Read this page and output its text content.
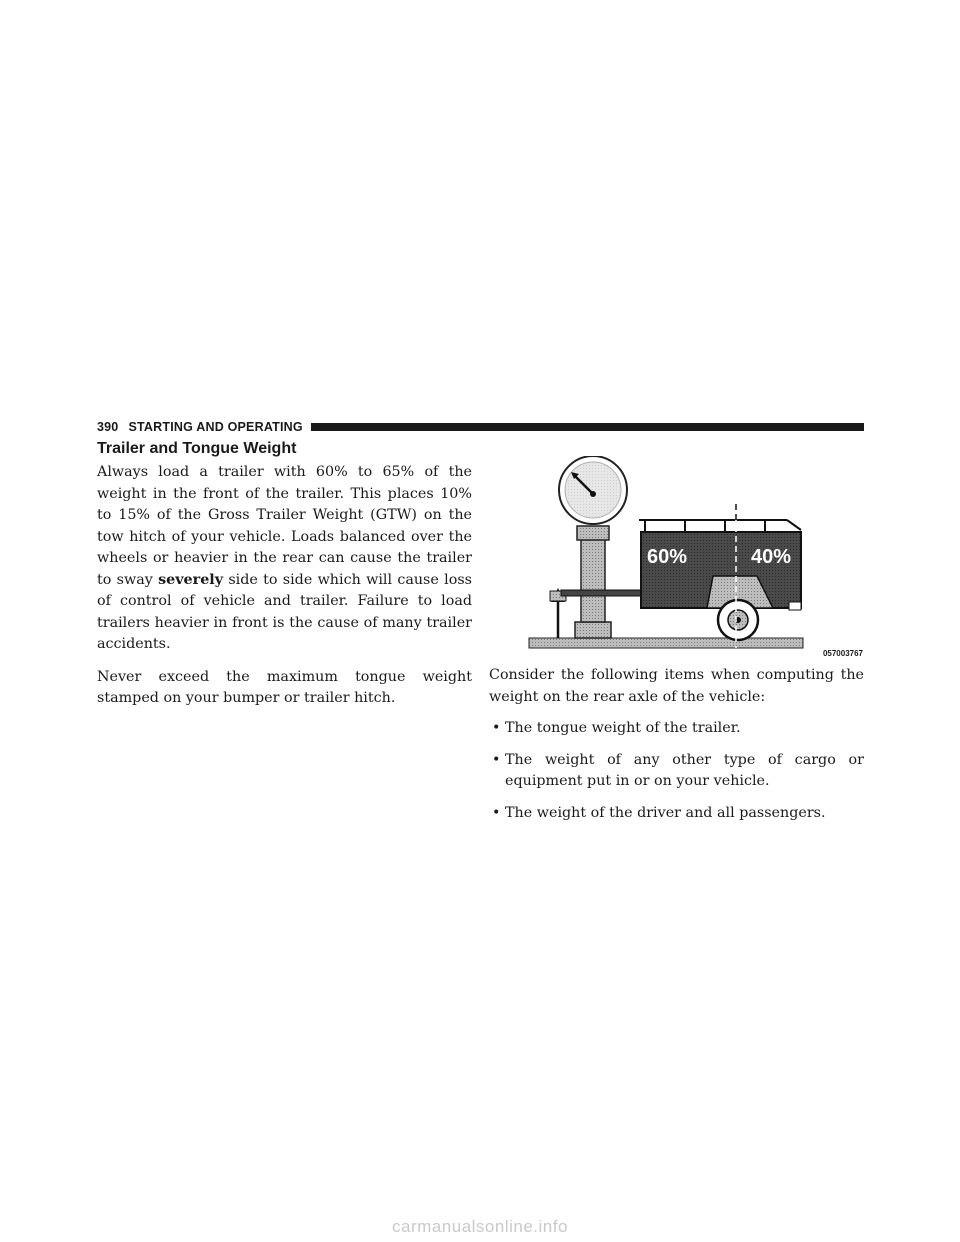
390 STARTING AND OPERATING
Trailer and Tongue Weight

Always load a trailer with 60% to 65% of the weight in the front of the trailer. This places 10% to 15% of the Gross Trailer Weight (GTW) on the tow hitch of your vehicle. Loads balanced over the wheels or heavier in the rear can cause the trailer to sway severely side to side which will cause loss of control of vehicle and trailer. Failure to load trailers heavier in front is the cause of many trailer accidents.

Never exceed the maximum tongue weight stamped on your bumper or trailer hitch.

60%	40%
057003767

Consider the following items when computing the weight on the rear axle of the vehicle:

• The tongue weight of the trailer.
• The weight of any other type of cargo or equipment put in or on your vehicle.
• The weight of the driver and all passengers.
carmanualsonline.info
